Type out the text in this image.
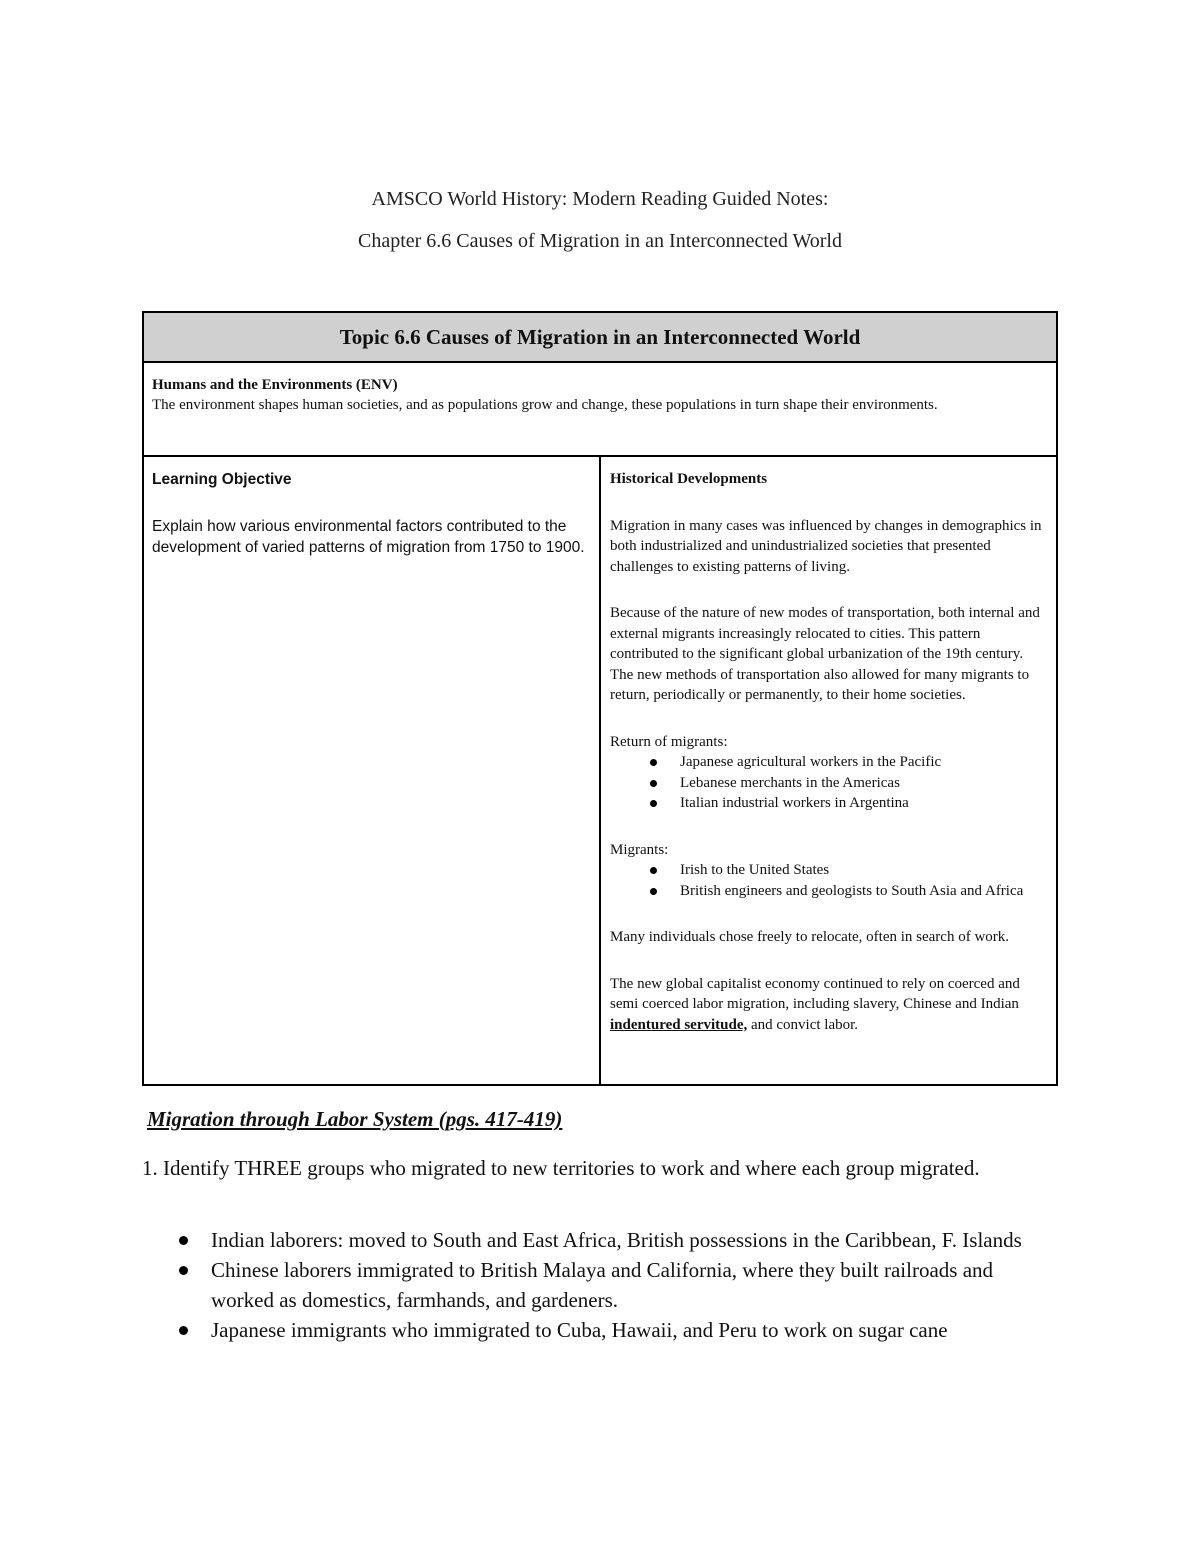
AMSCO World History: Modern Reading Guided Notes:
Chapter 6.6 Causes of Migration in an Interconnected World
Topic 6.6 Causes of Migration in an Interconnected World

Humans and the Environments (ENV)
The environment shapes human societies, and as populations grow and change, these populations in turn shape their environments.

Learning Objective
Explain how various environmental factors contributed to the development of varied patterns of migration from 1750 to 1900.

Historical Developments

Migration in many cases was influenced by changes in demographics in both industrialized and unindustrialized societies that presented challenges to existing patterns of living.

Because of the nature of new modes of transportation, both internal and external migrants increasingly relocated to cities. This pattern contributed to the significant global urbanization of the 19th century. The new methods of transportation also allowed for many migrants to return, periodically or permanently, to their home societies.

Return of migrants:
Japanese agricultural workers in the Pacific
Lebanese merchants in the Americas
Italian industrial workers in Argentina
Migrants:
Irish to the United States
British engineers and geologists to South Asia and Africa

Many individuals chose freely to relocate, often in search of work.

The new global capitalist economy continued to rely on coerced and semi coerced labor migration, including slavery, Chinese and Indian indentured servitude, and convict labor.

Migration through Labor System (pgs. 417-419)
1. Identify THREE groups who migrated to new territories to work and where each group migrated.
Indian laborers: moved to South and East Africa, British possessions in the Caribbean, F. Islands
Chinese laborers immigrated to British Malaya and California, where they built railroads and worked as domestics, farmhands, and gardeners.
Japanese immigrants who immigrated to Cuba, Hawaii, and Peru to work on sugar cane
